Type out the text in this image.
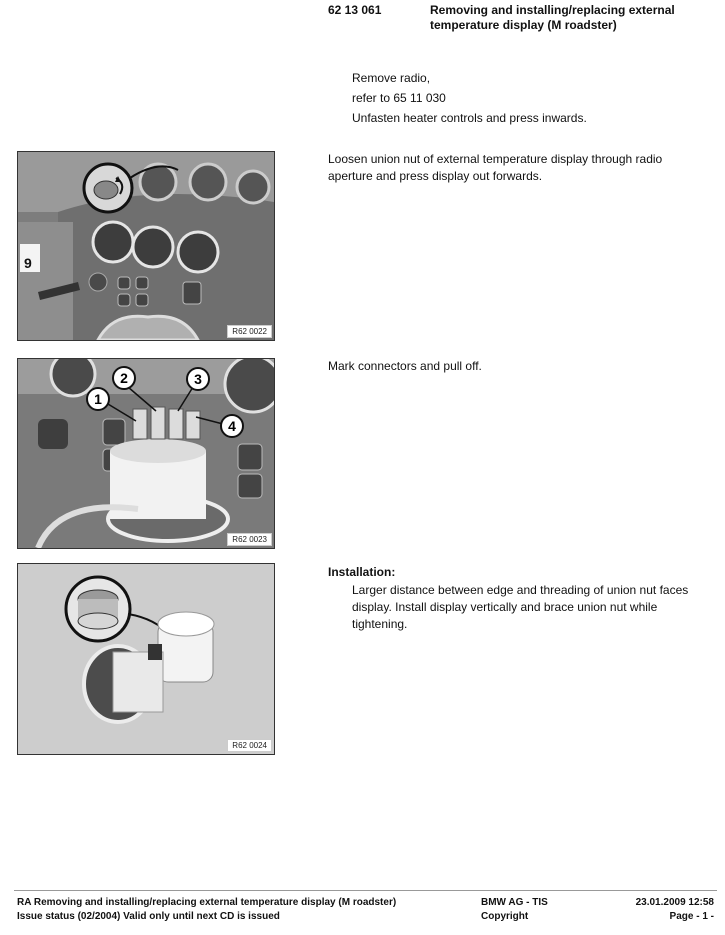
62 13 061	Removing and installing/replacing external temperature display (M roadster)
Remove radio,
refer to 65 11 030
Unfasten heater controls and press inwards.
9
R62 0022
Loosen union nut of external temperature display through radio aperture and press display out forwards.
1
2	3
4
R62 0023
Mark connectors and pull off.
R62 0024
Installation:
Larger distance between edge and threading of union nut faces display. Install display vertically and brace union nut while tightening.
RA Removing and installing/replacing external temperature display (M roadster)
Issue status (02/2004) Valid only until next CD is issued
BMW AG - TIS
Copyright
23.01.2009 12:58
Page - 1 -
